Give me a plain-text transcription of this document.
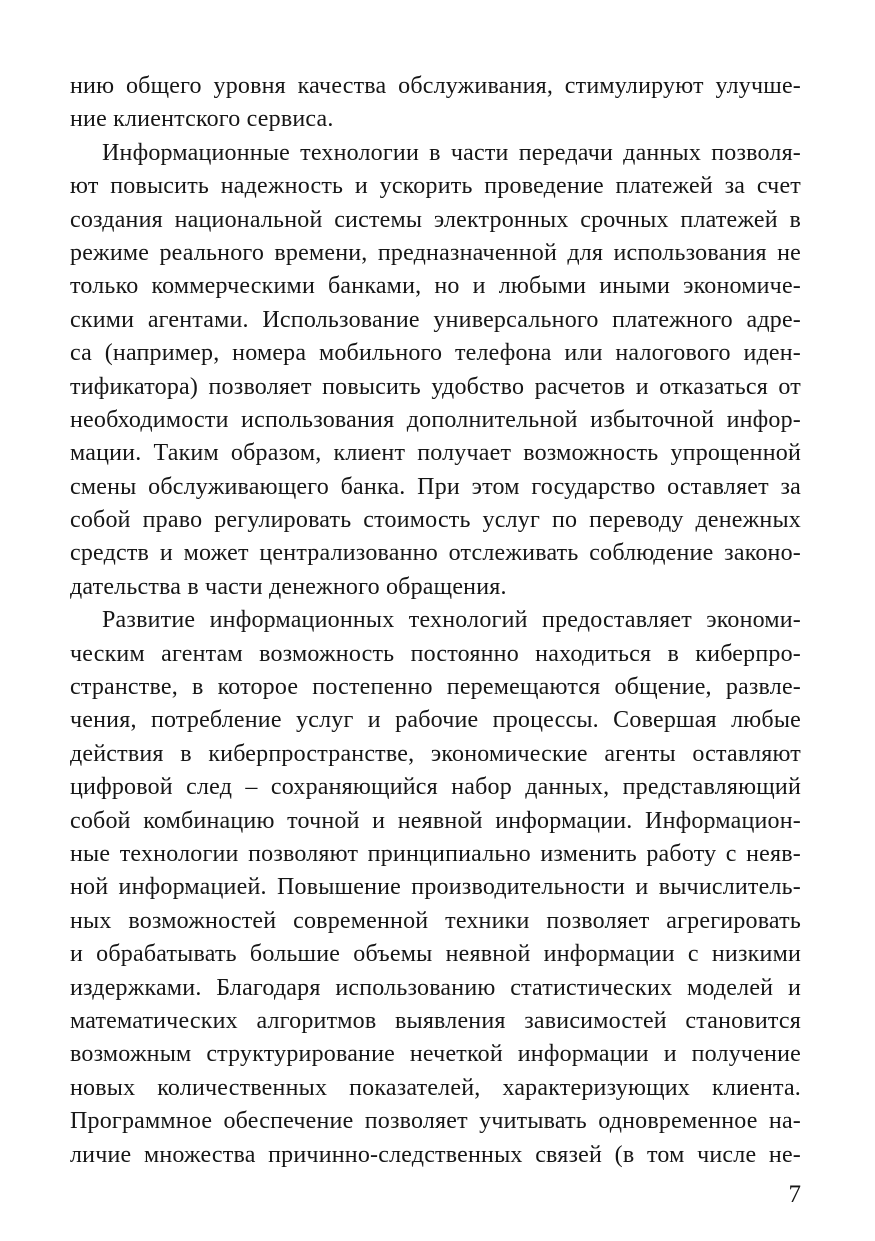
нию общего уровня качества обслуживания, стимулируют улучше-
ние клиентского сервиса.
Информационные технологии в части передачи данных позволя-
ют повысить надежность и ускорить проведение платежей за счет
создания национальной системы электронных срочных платежей в
режиме реального времени, предназначенной для использования не
только коммерческими банками, но и любыми иными экономиче-
скими агентами. Использование универсального платежного адре-
са (например, номера мобильного телефона или налогового иден-
тификатора) позволяет повысить удобство расчетов и отказаться от
необходимости использования дополнительной избыточной инфор-
мации. Таким образом, клиент получает возможность упрощенной
смены обслуживающего банка. При этом государство оставляет за
собой право регулировать стоимость услуг по переводу денежных
средств и может централизованно отслеживать соблюдение законо-
дательства в части денежного обращения.
Развитие информационных технологий предоставляет экономи-
ческим агентам возможность постоянно находиться в киберпро-
странстве, в которое постепенно перемещаются общение, развле-
чения, потребление услуг и рабочие процессы. Совершая любые
действия в киберпространстве, экономические агенты оставляют
цифровой след – сохраняющийся набор данных, представляющий
собой комбинацию точной и неявной информации. Информацион-
ные технологии позволяют принципиально изменить работу с неяв-
ной информацией. Повышение производительности и вычислитель-
ных возможностей современной техники позволяет агрегировать
и обрабатывать большие объемы неявной информации с низкими
издержками. Благодаря использованию статистических моделей и
математических алгоритмов выявления зависимостей становится
возможным структурирование нечеткой информации и получение
новых количественных показателей, характеризующих клиента.
Программное обеспечение позволяет учитывать одновременное на-
личие множества причинно-следственных связей (в том числе не-
7
